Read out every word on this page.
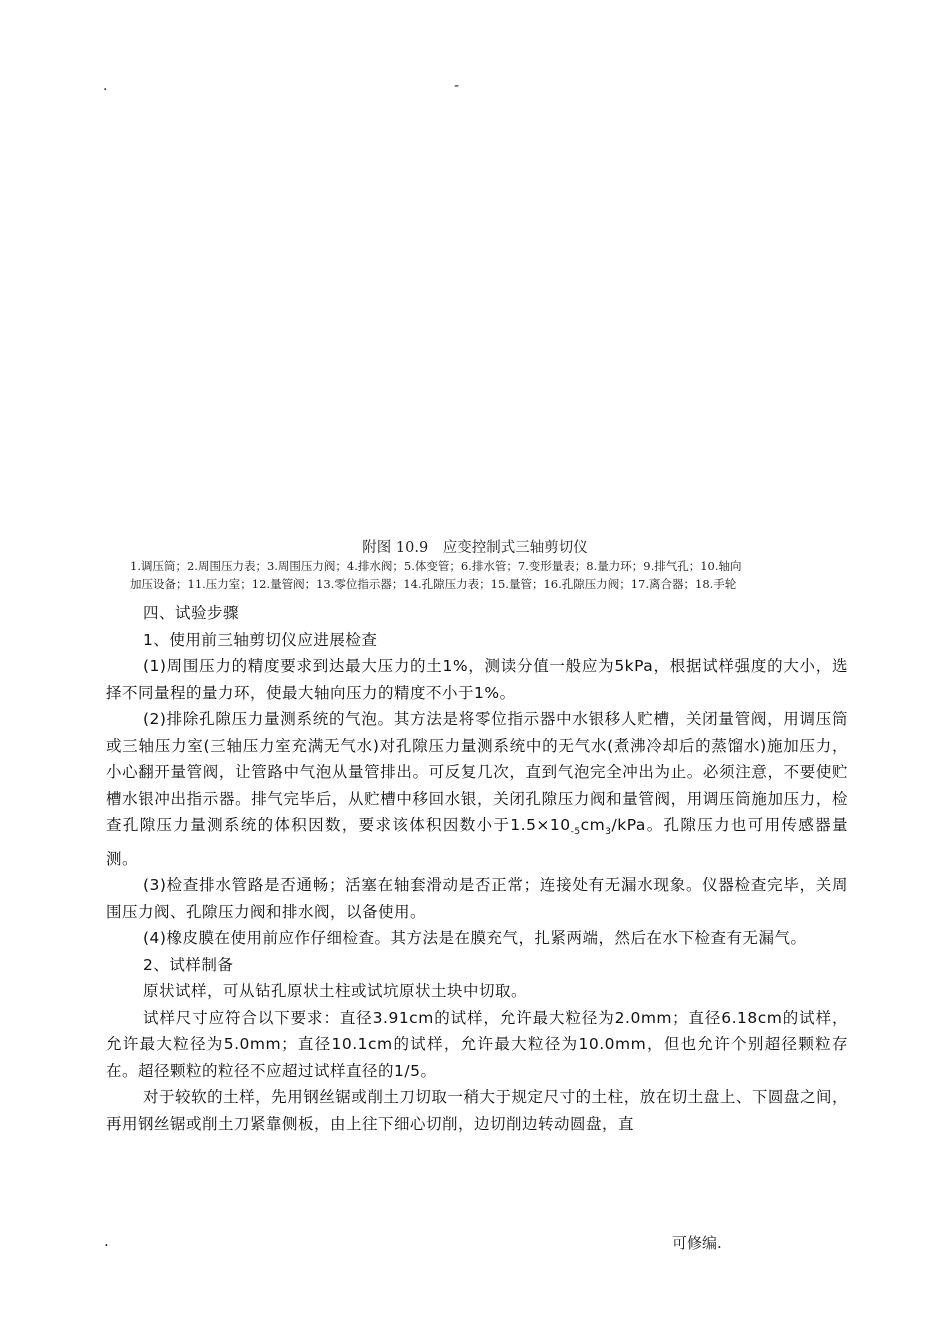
.	-
附图 10.9　应变控制式三轴剪切仪
1.调压筒；2.周围压力表；3.周围压力阀；4.排水阀；5.体变管；6.排水管；7.变形量表；8.量力环；9.排气孔；10.轴向
加压设备；11.压力室；12.量管阀；13.零位指示器；14.孔隙压力表；15.量管；16.孔隙压力阀；17.离合器；18.手轮

四、试验步骤

1、使用前三轴剪切仪应进展检查

(1)周围压力的精度要求到达最大压力的土1%，测读分值一般应为5kPa，根据试样强度的大小，选择不同量程的量力环，使最大轴向压力的精度不小于1%。

(2)排除孔隙压力量测系统的气泡。其方法是将零位指示器中水银移人贮槽，关闭量管阀，用调压筒或三轴压力室(三轴压力室充满无气水)对孔隙压力量测系统中的无气水(煮沸冷却后的蒸馏水)施加压力，小心翻开量管阀，让管路中气泡从量管排出。可反复几次，直到气泡完全冲出为止。必须注意，不要使贮槽水银冲出指示器。排气完毕后，从贮槽中移回水银，关闭孔隙压力阀和量管阀，用调压筒施加压力，检查孔隙压力量测系统的体积因数，要求该体积因数小于$1.5\times 10_{-5}cm_3$/kPa。孔隙压力也可用传感器量测。

(3)检查排水管路是否通畅；活塞在轴套滑动是否正常；连接处有无漏水现象。仪器检查完毕，关周围压力阀、孔隙压力阀和排水阀，以备使用。

(4)橡皮膜在使用前应作仔细检查。其方法是在膜充气，扎紧两端，然后在水下检查有无漏气。

2、试样制备

原状试样，可从钻孔原状土柱或试坑原状土块中切取。

试样尺寸应符合以下要求：直径3.91cm的试样，允许最大粒径为2.0mm；直径6.18cm的试样，允许最大粒径为5.0mm；直径10.1cm的试样，允许最大粒径为10.0mm，但也允许个别超径颗粒存在。超径颗粒的粒径不应超过试样直径的1/5。

对于较软的土样，先用钢丝锯或削土刀切取一稍大于规定尺寸的土柱，放在切土盘上、下圆盘之间，再用钢丝锯或削土刀紧靠侧板，由上往下细心切削，边切削边转动圆盘，直

.	可修编.
